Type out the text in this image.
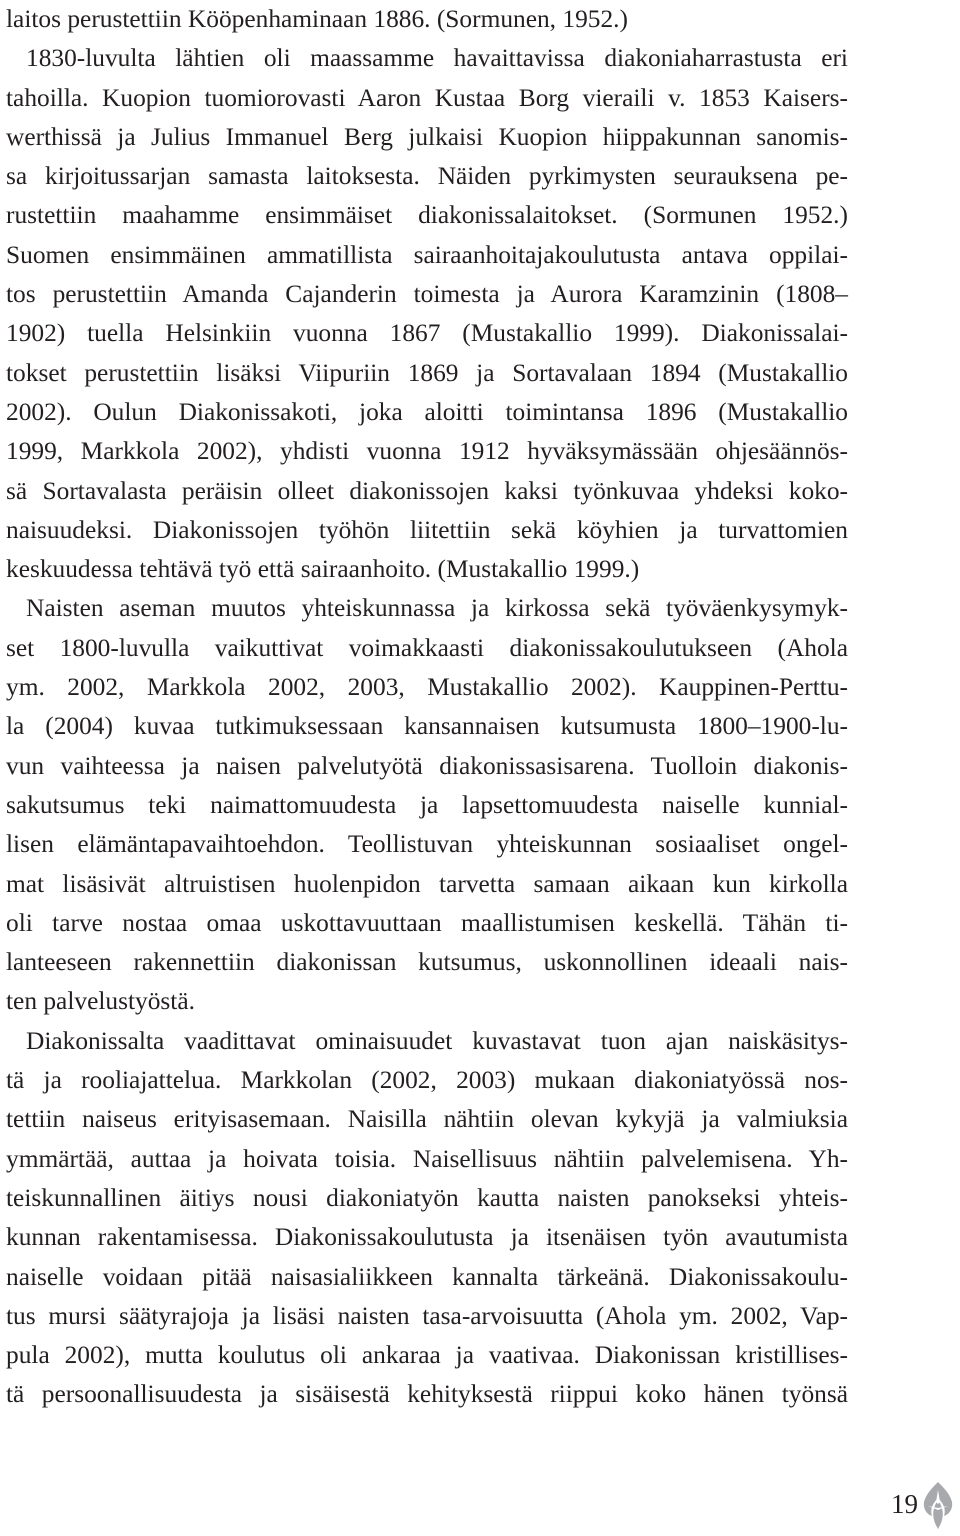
laitos perustettiin Kööpenhaminaan 1886. (Sormunen, 1952.)
1830-luvulta lähtien oli maassamme havaittavissa diakoniaharrastusta eri
tahoilla. Kuopion tuomiorovasti Aaron Kustaa Borg vieraili v. 1853 Kaisers-
werthissä ja Julius Immanuel Berg julkaisi Kuopion hiippakunnan sanomis-
sa kirjoitussarjan samasta laitoksesta. Näiden pyrkimysten seurauksena pe-
rustettiin maahamme ensimmäiset diakonissalaitokset. (Sormunen 1952.)
Suomen ensimmäinen ammatillista sairaanhoitajakoulutusta antava oppilai-
tos perustettiin Amanda Cajanderin toimesta ja Aurora Karamzinin (1808–
1902) tuella Helsinkiin vuonna 1867 (Mustakallio 1999). Diakonissalai-
tokset perustettiin lisäksi Viipuriin 1869 ja Sortavalaan 1894 (Mustakallio
2002). Oulun Diakonissakoti, joka aloitti toimintansa 1896 (Mustakallio
1999, Markkola 2002), yhdisti vuonna 1912 hyväksymässään ohjesäännös-
sä Sortavalasta peräisin olleet diakonissojen kaksi työnkuvaa yhdeksi koko-
naisuudeksi. Diakonissojen työhön liitettiin sekä köyhien ja turvattomien
keskuudessa tehtävä työ että sairaanhoito. (Mustakallio 1999.)
Naisten aseman muutos yhteiskunnassa ja kirkossa sekä työväenkysymyk-
set 1800-luvulla vaikuttivat voimakkaasti diakonissakoulutukseen (Ahola
ym. 2002, Markkola 2002, 2003, Mustakallio 2002). Kauppinen-Perttu-
la (2004) kuvaa tutkimuksessaan kansannaisen kutsumusta 1800–1900-lu-
vun vaihteessa ja naisen palvelutyötä diakonissasisarena. Tuolloin diakonis-
sakutsumus teki naimattomuudesta ja lapsettomuudesta naiselle kunnial-
lisen elämäntapavaihtoehdon. Teollistuvan yhteiskunnan sosiaaliset ongel-
mat lisäsivät altruistisen huolenpidon tarvetta samaan aikaan kun kirkolla
oli tarve nostaa omaa uskottavuuttaan maallistumisen keskellä. Tähän ti-
lanteeseen rakennettiin diakonissan kutsumus, uskonnollinen ideaali nais-
ten palvelustyöstä.
Diakonissalta vaadittavat ominaisuudet kuvastavat tuon ajan naiskäsitys-
tä ja rooliajattelua. Markkolan (2002, 2003) mukaan diakoniatyössä nos-
tettiin naiseus erityisasemaan. Naisilla nähtiin olevan kykyjä ja valmiuksia
ymmärtää, auttaa ja hoivata toisia. Naisellisuus nähtiin palvelemisena. Yh-
teiskunnallinen äitiys nousi diakoniatyön kautta naisten panokseksi yhteis-
kunnan rakentamisessa. Diakonissakoulutusta ja itsenäisen työn avautumista
naiselle voidaan pitää naisasialiikkeen kannalta tärkeänä. Diakonissakoulu-
tus mursi säätyrajoja ja lisäsi naisten tasa-arvoisuutta (Ahola ym. 2002, Vap-
pula 2002), mutta koulutus oli ankaraa ja vaativaa. Diakonissan kristillises-
tä persoonallisuudesta ja sisäisestä kehityksestä riippui koko hänen työnsä
19
